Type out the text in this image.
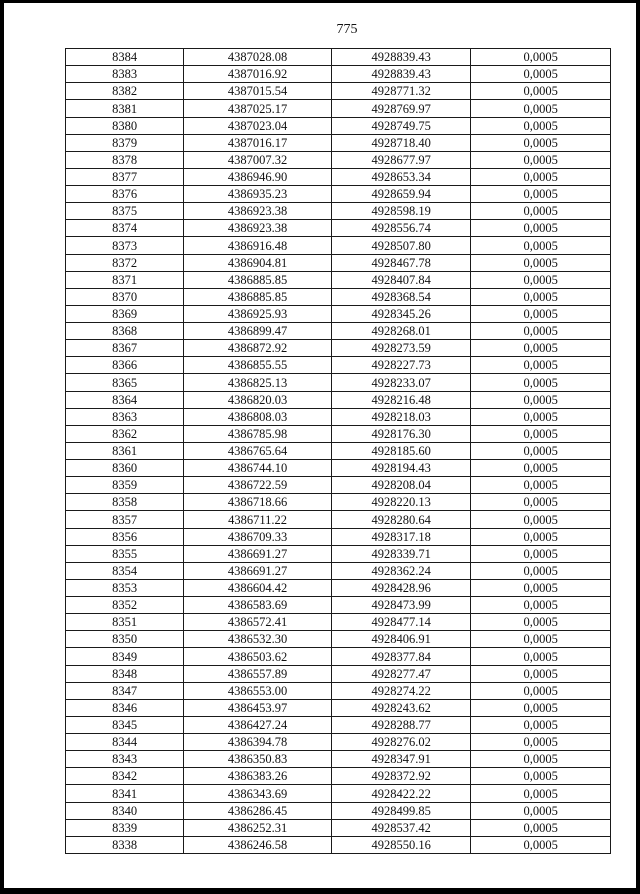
775

8384	4387028.08	4928839.43	0,0005
8383	4387016.92	4928839.43	0,0005
8382	4387015.54	4928771.32	0,0005
8381	4387025.17	4928769.97	0,0005
8380	4387023.04	4928749.75	0,0005
8379	4387016.17	4928718.40	0,0005
8378	4387007.32	4928677.97	0,0005
8377	4386946.90	4928653.34	0,0005
8376	4386935.23	4928659.94	0,0005
8375	4386923.38	4928598.19	0,0005
8374	4386923.38	4928556.74	0,0005
8373	4386916.48	4928507.80	0,0005
8372	4386904.81	4928467.78	0,0005
8371	4386885.85	4928407.84	0,0005
8370	4386885.85	4928368.54	0,0005
8369	4386925.93	4928345.26	0,0005
8368	4386899.47	4928268.01	0,0005
8367	4386872.92	4928273.59	0,0005
8366	4386855.55	4928227.73	0,0005
8365	4386825.13	4928233.07	0,0005
8364	4386820.03	4928216.48	0,0005
8363	4386808.03	4928218.03	0,0005
8362	4386785.98	4928176.30	0,0005
8361	4386765.64	4928185.60	0,0005
8360	4386744.10	4928194.43	0,0005
8359	4386722.59	4928208.04	0,0005
8358	4386718.66	4928220.13	0,0005
8357	4386711.22	4928280.64	0,0005
8356	4386709.33	4928317.18	0,0005
8355	4386691.27	4928339.71	0,0005
8354	4386691.27	4928362.24	0,0005
8353	4386604.42	4928428.96	0,0005
8352	4386583.69	4928473.99	0,0005
8351	4386572.41	4928477.14	0,0005
8350	4386532.30	4928406.91	0,0005
8349	4386503.62	4928377.84	0,0005
8348	4386557.89	4928277.47	0,0005
8347	4386553.00	4928274.22	0,0005
8346	4386453.97	4928243.62	0,0005
8345	4386427.24	4928288.77	0,0005
8344	4386394.78	4928276.02	0,0005
8343	4386350.83	4928347.91	0,0005
8342	4386383.26	4928372.92	0,0005
8341	4386343.69	4928422.22	0,0005
8340	4386286.45	4928499.85	0,0005
8339	4386252.31	4928537.42	0,0005
8338	4386246.58	4928550.16	0,0005
